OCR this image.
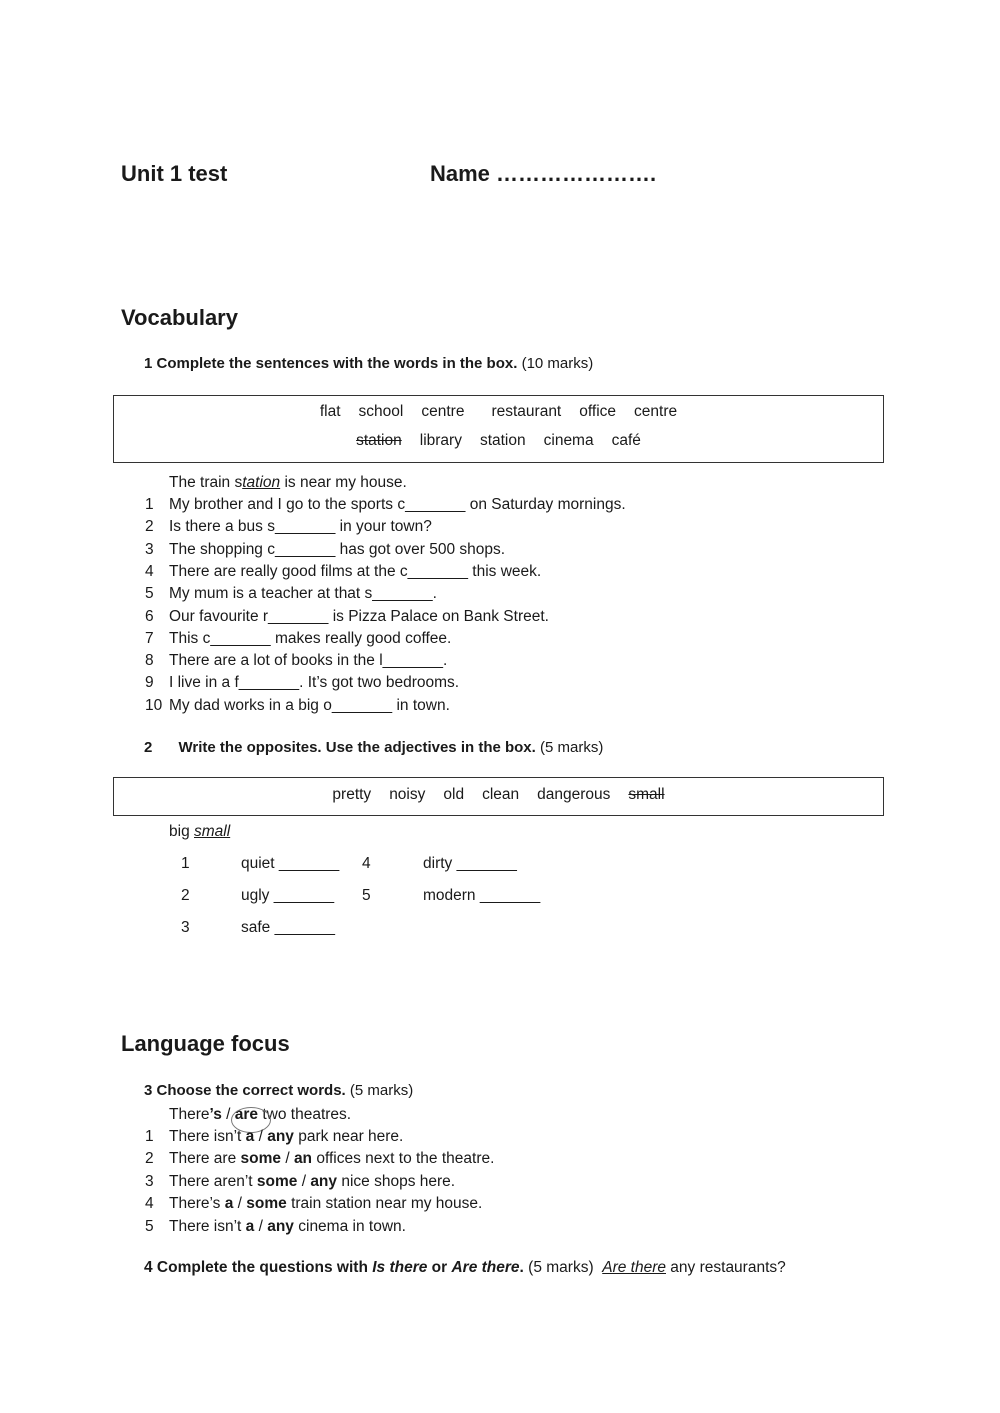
Unit 1 test	Name ………………….
Vocabulary
1 Complete the sentences with the words in the box. (10 marks)
flat school centre restaurant office centre
station library station cinema café
The train station is near my house.
1 My brother and I go to the sports c_______ on Saturday mornings.
2 Is there a bus s_______ in your town?
3 The shopping c_______ has got over 500 shops.
4 There are really good films at the c_______ this week.
5 My mum is a teacher at that s_______.
6 Our favourite r_______ is Pizza Palace on Bank Street.
7 This c_______ makes really good coffee.
8 There are a lot of books in the l_______.
9 I live in a f_______. It’s got two bedrooms.
10 My dad works in a big o_______ in town.
2 Write the opposites. Use the adjectives in the box. (5 marks)
pretty noisy old clean dangerous small
big small
1	quiet _______
2	ugly _______
3	safe _______
4	dirty _______
5	modern _______
Language focus
3 Choose the correct words. (5 marks)
There’s / are two theatres.
1 There isn’t a / any park near here.
2 There are some / an offices next to the theatre.
3 There aren’t some / any nice shops here.
4 There’s a / some train station near my house.
5 There isn’t a / any cinema in town.
4 Complete the questions with Is there or Are there. (5 marks) Are there any restaurants?
